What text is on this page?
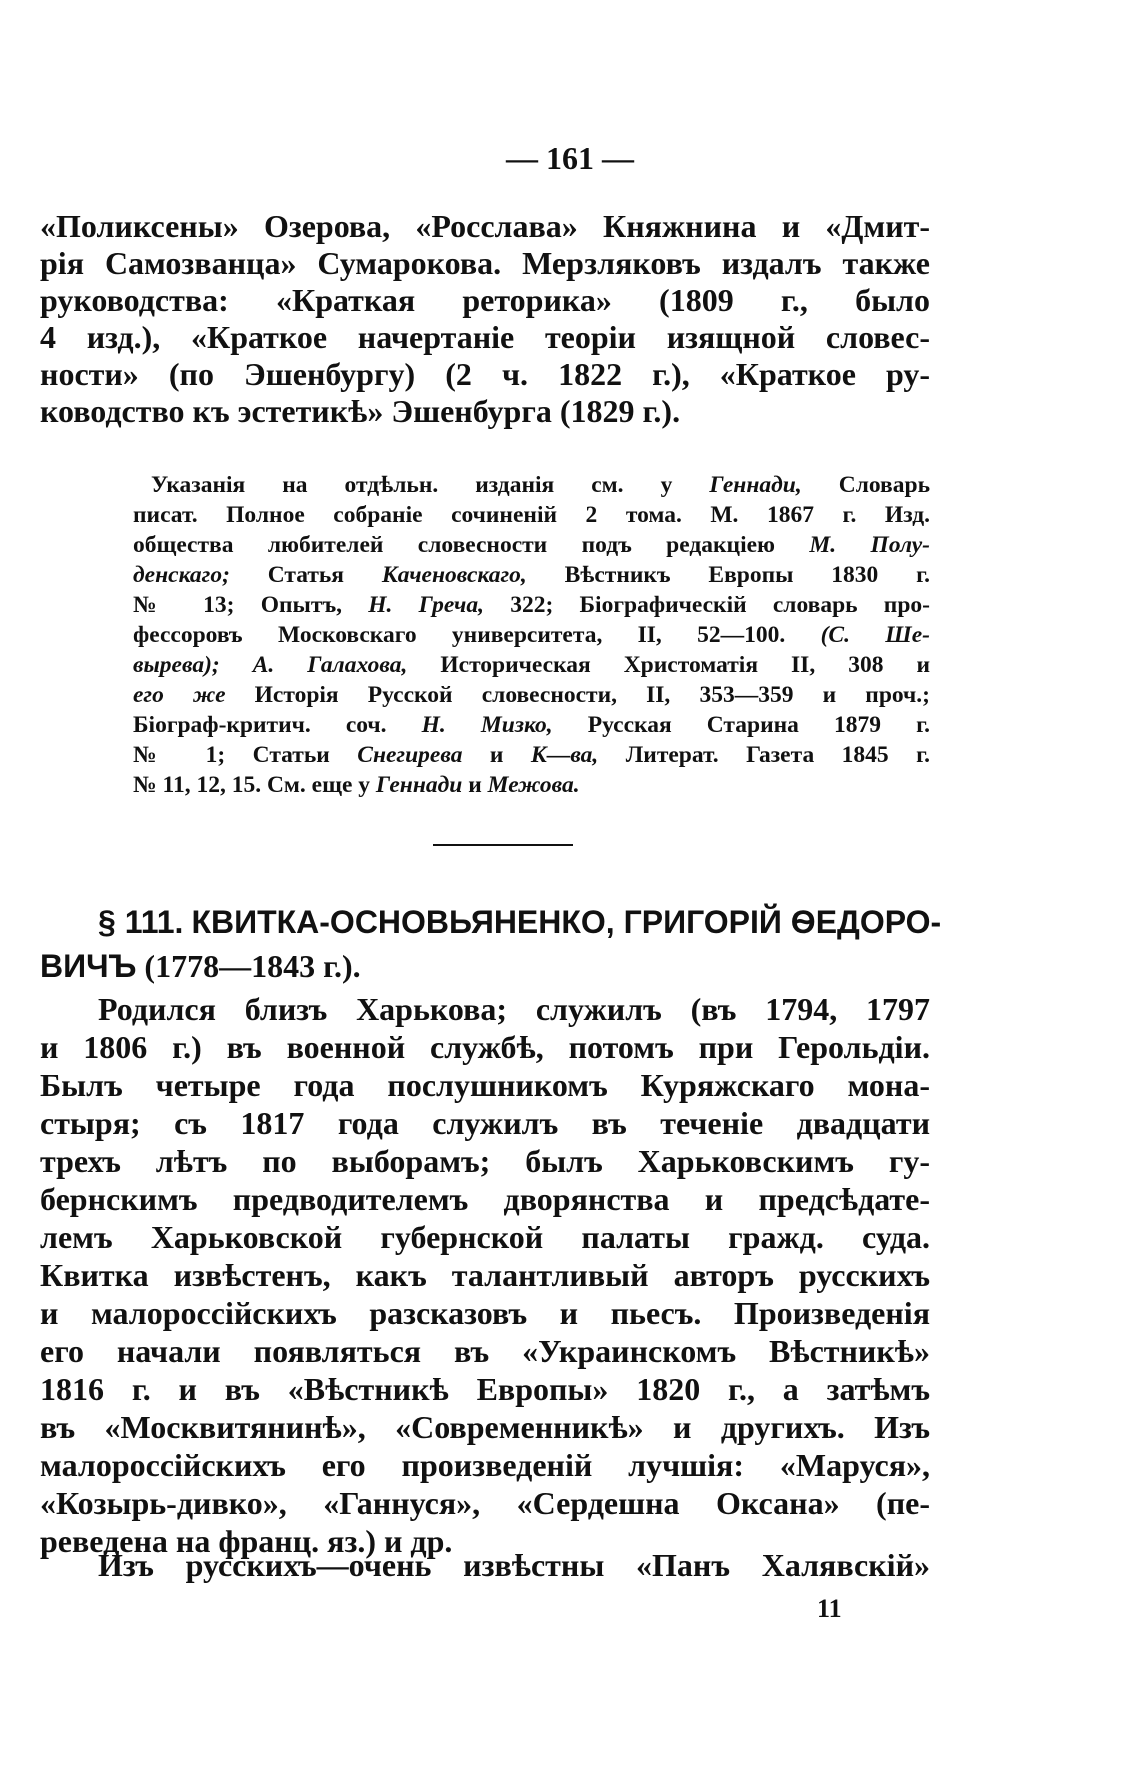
— 161 —
«Поликсены» Озерова, «Росслава» Княжнина и «Дмит-
рія Самозванца» Сумарокова. Мерзляковъ издалъ также
руководства: «Краткая реторика» (1809 г., было
4 изд.), «Краткое начертаніе теоріи изящной словес-
ности» (по Эшенбургу) (2 ч. 1822 г.), «Краткое ру-
ководство къ эстетикѣ» Эшенбурга (1829 г.).
Указанія на отдѣльн. изданія см. у Геннади, Словарь
писат. Полное собраніе сочиненій 2 тома. М. 1867 г. Изд.
общества любителей словесности подъ редакціею М. Полу-
денскаго; Статья Каченовскаго, Вѣстникъ Европы 1830 г.
№ 13; Опытъ, Н. Греча, 322; Біографическій словарь про-
фессоровъ Московскаго университета, II, 52—100. (С. Ше-
вырева); А. Галахова, Историческая Христоматія II, 308 и
его же Исторія Русской словесности, II, 353—359 и проч.;
Біограф-критич. соч. Н. Мизко, Русская Старина 1879 г.
№ 1; Статьи Снегирева и К—ва, Литерат. Газета 1845 г.
№ 11, 12, 15. См. еще у Геннади и Межова.
§ 111. КВИТКА-ОСНОВЬЯНЕНКО, ГРИГОРІЙ ѲЕДОРО-
ВИЧЪ (1778—1843 г.).
Родился близъ Харькова; служилъ (въ 1794, 1797
и 1806 г.) въ военной службѣ, потомъ при Герольдіи.
Былъ четыре года послушникомъ Куряжскаго мона-
стыря; съ 1817 года служилъ въ теченіе двадцати
трехъ лѣтъ по выборамъ; былъ Харьковскимъ гу-
бернскимъ предводителемъ дворянства и предсѣдате-
лемъ Харьковской губернской палаты гражд. суда.
Квитка извѣстенъ, какъ талантливый авторъ русскихъ
и малороссійскихъ разсказовъ и пьесъ. Произведенія
его начали появляться въ «Украинскомъ Вѣстникѣ»
1816 г. и въ «Вѣстникѣ Европы» 1820 г., а затѣмъ
въ «Москвитянинѣ», «Современникѣ» и другихъ. Изъ
малороссійскихъ его произведеній лучшія: «Маруся»,
«Козырь-дивко», «Ганнуся», «Сердешна Оксана» (пе-
реведена на франц. яз.) и др.
Изъ русскихъ—очень извѣстны «Панъ Халявскій»
11
